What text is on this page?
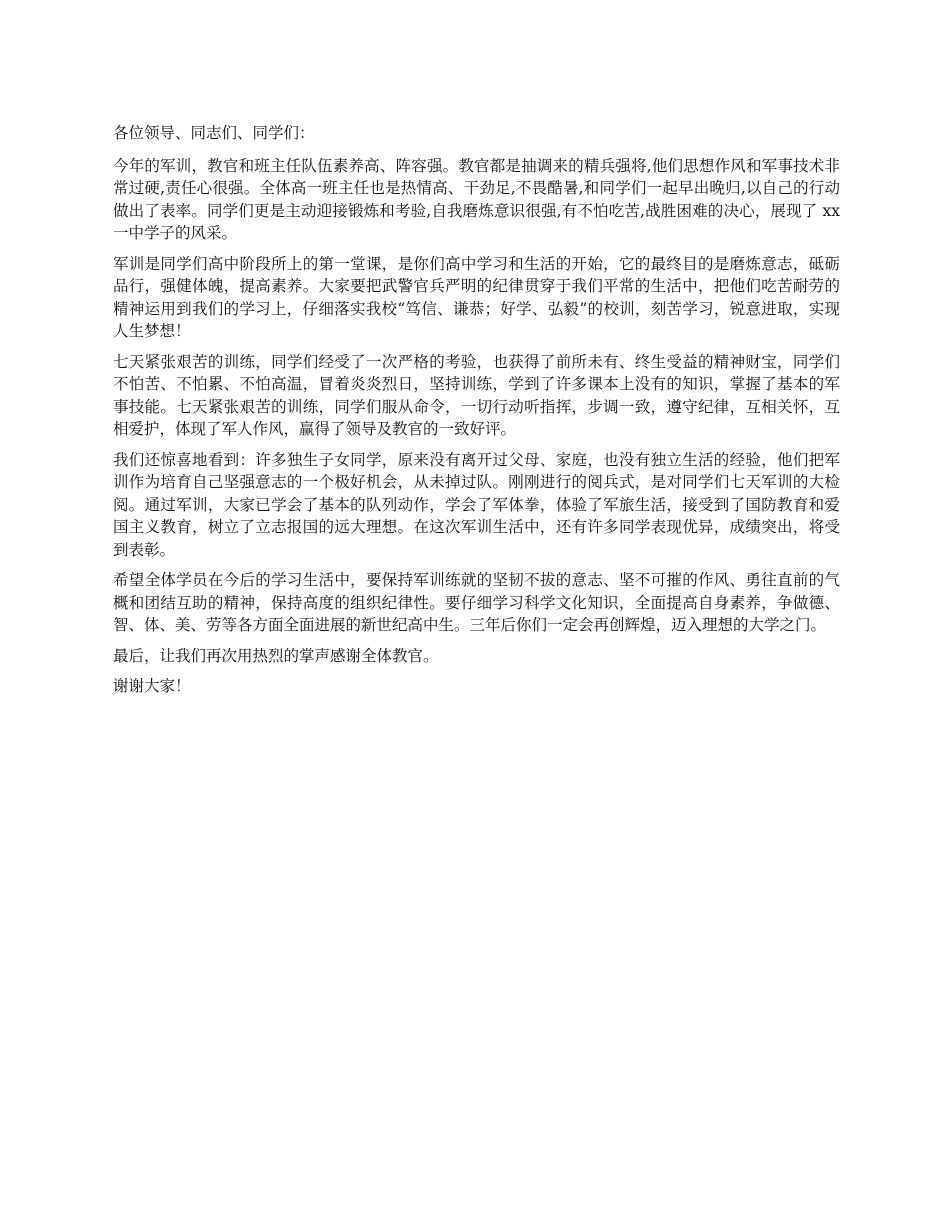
各位领导、同志们、同学们：

今年的军训，教官和班主任队伍素养高、阵容强。教官都是抽调来的精兵强将,他们思想作风和军事技术非常过硬,责任心很强。全体高一班主任也是热情高、干劲足,不畏酷暑,和同学们一起早出晚归,以自己的行动做出了表率。同学们更是主动迎接锻炼和考验,自我磨炼意识很强,有不怕吃苦,战胜困难的决心，展现了 xx 一中学子的风采。

军训是同学们高中阶段所上的第一堂课，是你们高中学习和生活的开始，它的最终目的是磨炼意志，砥砺品行，强健体魄，提高素养。大家要把武警官兵严明的纪律贯穿于我们平常的生活中，把他们吃苦耐劳的精神运用到我们的学习上，仔细落实我校“笃信、谦恭；好学、弘毅”的校训，刻苦学习，锐意进取，实现人生梦想！

七天紧张艰苦的训练，同学们经受了一次严格的考验，也获得了前所未有、终生受益的精神财宝，同学们不怕苦、不怕累、不怕高温，冒着炎炎烈日，坚持训练，学到了许多课本上没有的知识，掌握了基本的军事技能。七天紧张艰苦的训练，同学们服从命令，一切行动听指挥，步调一致，遵守纪律，互相关怀，互相爱护，体现了军人作风，赢得了领导及教官的一致好评。

我们还惊喜地看到：许多独生子女同学，原来没有离开过父母、家庭，也没有独立生活的经验，他们把军训作为培育自己坚强意志的一个极好机会，从未掉过队。刚刚进行的阅兵式，是对同学们七天军训的大检阅。通过军训，大家已学会了基本的队列动作，学会了军体拳，体验了军旅生活，接受到了国防教育和爱国主义教育，树立了立志报国的远大理想。在这次军训生活中，还有许多同学表现优异，成绩突出，将受到表彰。

希望全体学员在今后的学习生活中，要保持军训练就的坚韧不拔的意志、坚不可摧的作风、勇往直前的气概和团结互助的精神，保持高度的组织纪律性。要仔细学习科学文化知识，全面提高自身素养，争做德、智、体、美、劳等各方面全面进展的新世纪高中生。三年后你们一定会再创辉煌，迈入理想的大学之门。

最后，让我们再次用热烈的掌声感谢全体教官。

谢谢大家！
